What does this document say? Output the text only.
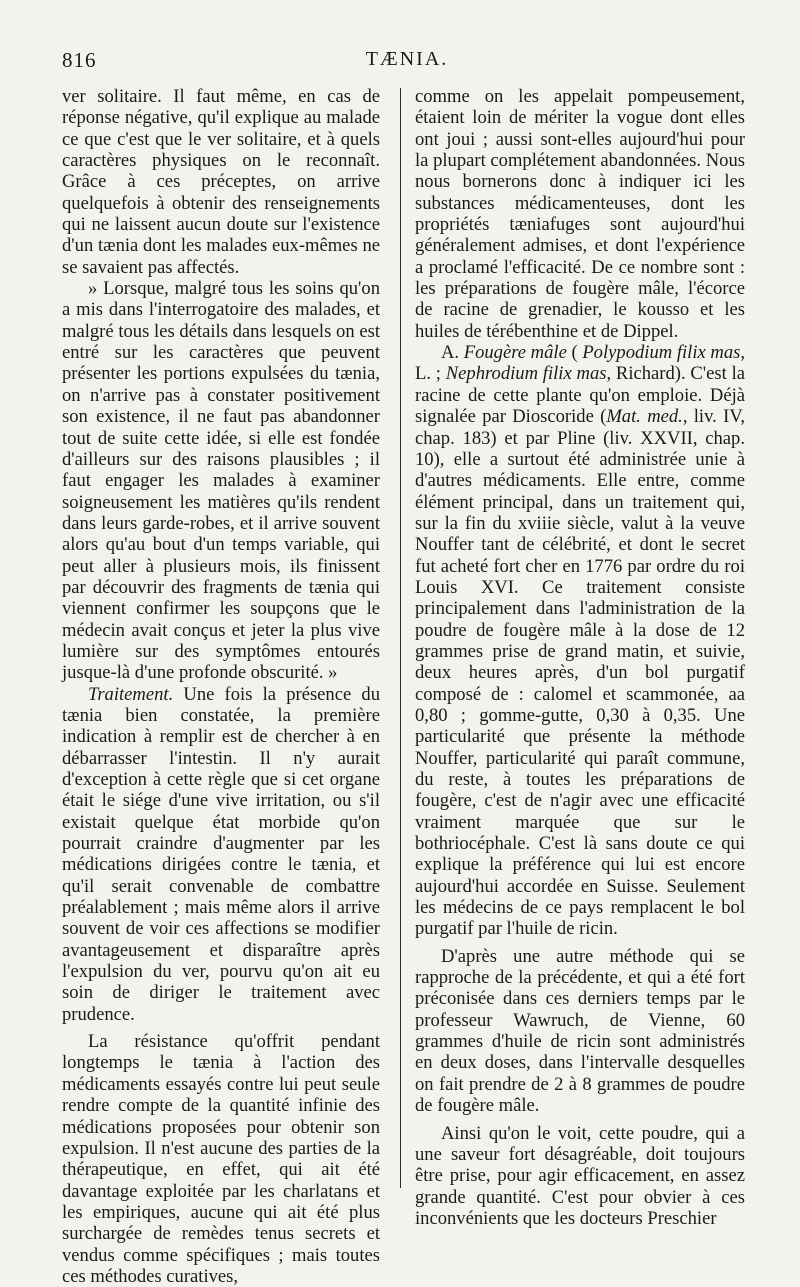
816	TÆNIA.

ver solitaire. Il faut même, en cas de réponse négative, qu'il explique au malade ce que c'est que le ver solitaire, et à quels caractères physiques on le reconnaît. Grâce à ces préceptes, on arrive quelquefois à obtenir des renseignements qui ne laissent aucun doute sur l'existence d'un tænia dont les malades eux-mêmes ne se savaient pas affectés.

» Lorsque, malgré tous les soins qu'on a mis dans l'interrogatoire des malades, et malgré tous les détails dans lesquels on est entré sur les caractères que peuvent présenter les portions expulsées du tænia, on n'arrive pas à constater positivement son existence, il ne faut pas abandonner tout de suite cette idée, si elle est fondée d'ailleurs sur des raisons plausibles ; il faut engager les malades à examiner soigneusement les matières qu'ils rendent dans leurs garde-robes, et il arrive souvent alors qu'au bout d'un temps variable, qui peut aller à plusieurs mois, ils finissent par découvrir des fragments de tænia qui viennent confirmer les soupçons que le médecin avait conçus et jeter la plus vive lumière sur des symptômes entourés jusque-là d'une profonde obscurité. »

Traitement. Une fois la présence du tænia bien constatée, la première indication à remplir est de chercher à en débarrasser l'intestin. Il n'y aurait d'exception à cette règle que si cet organe était le siége d'une vive irritation, ou s'il existait quelque état morbide qu'on pourrait craindre d'augmenter par les médications dirigées contre le tænia, et qu'il serait convenable de combattre préalablement ; mais même alors il arrive souvent de voir ces affections se modifier avantageusement et disparaître après l'expulsion du ver, pourvu qu'on ait eu soin de diriger le traitement avec prudence.

La résistance qu'offrit pendant longtemps le tænia à l'action des médicaments essayés contre lui peut seule rendre compte de la quantité infinie des médications proposées pour obtenir son expulsion. Il n'est aucune des parties de la thérapeutique, en effet, qui ait été davantage exploitée par les charlatans et les empiriques, aucune qui ait été plus surchargée de remèdes tenus secrets et vendus comme spécifiques ; mais toutes ces méthodes curatives,

comme on les appelait pompeusement, étaient loin de mériter la vogue dont elles ont joui ; aussi sont-elles aujourd'hui pour la plupart complétement abandonnées. Nous nous bornerons donc à indiquer ici les substances médicamenteuses, dont les propriétés tæniafuges sont aujourd'hui généralement admises, et dont l'expérience a proclamé l'efficacité. De ce nombre sont : les préparations de fougère mâle, l'écorce de racine de grenadier, le kousso et les huiles de térébenthine et de Dippel.

A. Fougère mâle ( Polypodium filix mas, L. ; Nephrodium filix mas, Richard). C'est la racine de cette plante qu'on emploie. Déjà signalée par Dioscoride (Mat. med., liv. IV, chap. 183) et par Pline (liv. XXVII, chap. 10), elle a surtout été administrée unie à d'autres médicaments. Elle entre, comme élément principal, dans un traitement qui, sur la fin du xviiie siècle, valut à la veuve Nouffer tant de célébrité, et dont le secret fut acheté fort cher en 1776 par ordre du roi Louis XVI. Ce traitement consiste principalement dans l'administration de la poudre de fougère mâle à la dose de 12 grammes prise de grand matin, et suivie, deux heures après, d'un bol purgatif composé de : calomel et scammonée, aa 0,80 ; gomme-gutte, 0,30 à 0,35. Une particularité que présente la méthode Nouffer, particularité qui paraît commune, du reste, à toutes les préparations de fougère, c'est de n'agir avec une efficacité vraiment marquée que sur le bothriocéphale. C'est là sans doute ce qui explique la préférence qui lui est encore aujourd'hui accordée en Suisse. Seulement les médecins de ce pays remplacent le bol purgatif par l'huile de ricin.

D'après une autre méthode qui se rapproche de la précédente, et qui a été fort préconisée dans ces derniers temps par le professeur Wawruch, de Vienne, 60 grammes d'huile de ricin sont administrés en deux doses, dans l'intervalle desquelles on fait prendre de 2 à 8 grammes de poudre de fougère mâle.

Ainsi qu'on le voit, cette poudre, qui a une saveur fort désagréable, doit toujours être prise, pour agir efficacement, en assez grande quantité. C'est pour obvier à ces inconvénients que les docteurs Preschier
